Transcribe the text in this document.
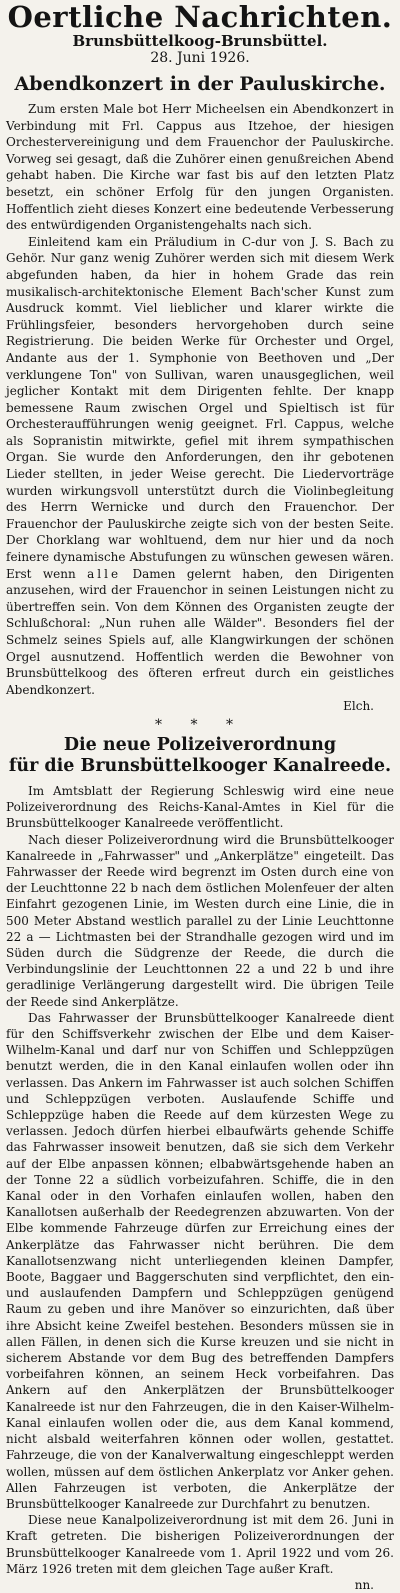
Oertliche Nachrichten.
Brunsbüttelkoog-Brunsbüttel.
28. Juni 1926.
Abendkonzert in der Pauluskirche.

Zum ersten Male bot Herr Micheelsen ein Abendkonzert in Verbindung mit Frl. Cappus aus Itzehoe, der hiesigen Orchestervereinigung und dem Frauenchor der Pauluskirche. Vorweg sei gesagt, daß die Zuhörer einen genußreichen Abend gehabt haben. Die Kirche war fast bis auf den letzten Platz besetzt, ein schöner Erfolg für den jungen Organisten. Hoffentlich zieht dieses Konzert eine bedeutende Verbesserung des entwürdigenden Organistengehalts nach sich.

Einleitend kam ein Präludium in C-dur von J. S. Bach zu Gehör. Nur ganz wenig Zuhörer werden sich mit diesem Werk abgefunden haben, da hier in hohem Grade das rein musikalisch-architektonische Element Bach'scher Kunst zum Ausdruck kommt. Viel lieblicher und klarer wirkte die Frühlingsfeier, besonders hervorgehoben durch seine Registrierung. Die beiden Werke für Orchester und Orgel, Andante aus der 1. Symphonie von Beethoven und „Der verklungene Ton" von Sullivan, waren unausgeglichen, weil jeglicher Kontakt mit dem Dirigenten fehlte. Der knapp bemessene Raum zwischen Orgel und Spieltisch ist für Orchesteraufführungen wenig geeignet. Frl. Cappus, welche als Sopranistin mitwirkte, gefiel mit ihrem sympathischen Organ. Sie wurde den Anforderungen, den ihr gebotenen Lieder stellten, in jeder Weise gerecht. Die Liedervorträge wurden wirkungsvoll unterstützt durch die Violinbegleitung des Herrn Wernicke und durch den Frauenchor. Der Frauenchor der Pauluskirche zeigte sich von der besten Seite. Der Chorklang war wohltuend, dem nur hier und da noch feinere dynamische Abstufungen zu wünschen gewesen wären. Erst wenn alle Damen gelernt haben, den Dirigenten anzusehen, wird der Frauenchor in seinen Leistungen nicht zu übertreffen sein. Von dem Können des Organisten zeugte der Schlußchoral: „Nun ruhen alle Wälder". Besonders fiel der Schmelz seines Spiels auf, alle Klangwirkungen der schönen Orgel ausnutzend. Hoffentlich werden die Bewohner von Brunsbüttelkoog des öfteren erfreut durch ein geistliches Abendkonzert.

Elch.
* * *
Die neue Polizeiverordnung
für die Brunsbüttelkooger Kanalreede.

Im Amtsblatt der Regierung Schleswig wird eine neue Polizeiverordnung des Reichs-Kanal-Amtes in Kiel für die Brunsbüttelkooger Kanalreede veröffentlicht.

Nach dieser Polizeiverordnung wird die Brunsbüttelkooger Kanalreede in „Fahrwasser" und „Ankerplätze" eingeteilt. Das Fahrwasser der Reede wird begrenzt im Osten durch eine von der Leuchttonne 22 b nach dem östlichen Molenfeuer der alten Einfahrt gezogenen Linie, im Westen durch eine Linie, die in 500 Meter Abstand westlich parallel zu der Linie Leuchttonne 22 a — Lichtmasten bei der Strandhalle gezogen wird und im Süden durch die Südgrenze der Reede, die durch die Verbindungslinie der Leuchttonnen 22 a und 22 b und ihre geradlinige Verlängerung dargestellt wird. Die übrigen Teile der Reede sind Ankerplätze.

Das Fahrwasser der Brunsbüttelkooger Kanalreede dient für den Schiffsverkehr zwischen der Elbe und dem Kaiser-Wilhelm-Kanal und darf nur von Schiffen und Schleppzügen benutzt werden, die in den Kanal einlaufen wollen oder ihn verlassen. Das Ankern im Fahrwasser ist auch solchen Schiffen und Schleppzügen verboten. Auslaufende Schiffe und Schleppzüge haben die Reede auf dem kürzesten Wege zu verlassen. Jedoch dürfen hierbei elbaufwärts gehende Schiffe das Fahrwasser insoweit benutzen, daß sie sich dem Verkehr auf der Elbe anpassen können; elbabwärtsgehende haben an der Tonne 22 a südlich vorbeizufahren. Schiffe, die in den Kanal oder in den Vorhafen einlaufen wollen, haben den Kanallotsen außerhalb der Reedegrenzen abzuwarten. Von der Elbe kommende Fahrzeuge dürfen zur Erreichung eines der Ankerplätze das Fahrwasser nicht berühren. Die dem Kanallotsenzwang nicht unterliegenden kleinen Dampfer, Boote, Baggaer und Baggerschuten sind verpflichtet, den ein- und auslaufenden Dampfern und Schleppzügen genügend Raum zu geben und ihre Manöver so einzurichten, daß über ihre Absicht keine Zweifel bestehen. Besonders müssen sie in allen Fällen, in denen sich die Kurse kreuzen und sie nicht in sicherem Abstande vor dem Bug des betreffenden Dampfers vorbeifahren können, an seinem Heck vorbeifahren. Das Ankern auf den Ankerplätzen der Brunsbüttelkooger Kanalreede ist nur den Fahrzeugen, die in den Kaiser-Wilhelm-Kanal einlaufen wollen oder die, aus dem Kanal kommend, nicht alsbald weiterfahren können oder wollen, gestattet. Fahrzeuge, die von der Kanalverwaltung eingeschleppt werden wollen, müssen auf dem östlichen Ankerplatz vor Anker gehen. Allen Fahrzeugen ist verboten, die Ankerplätze der Brunsbüttelkooger Kanalreede zur Durchfahrt zu benutzen.

Diese neue Kanalpolizeiverordnung ist mit dem 26. Juni in Kraft getreten. Die bisherigen Polizeiverordnungen der Brunsbüttelkooger Kanalreede vom 1. April 1922 und vom 26. März 1926 treten mit dem gleichen Tage außer Kraft.

nn.
